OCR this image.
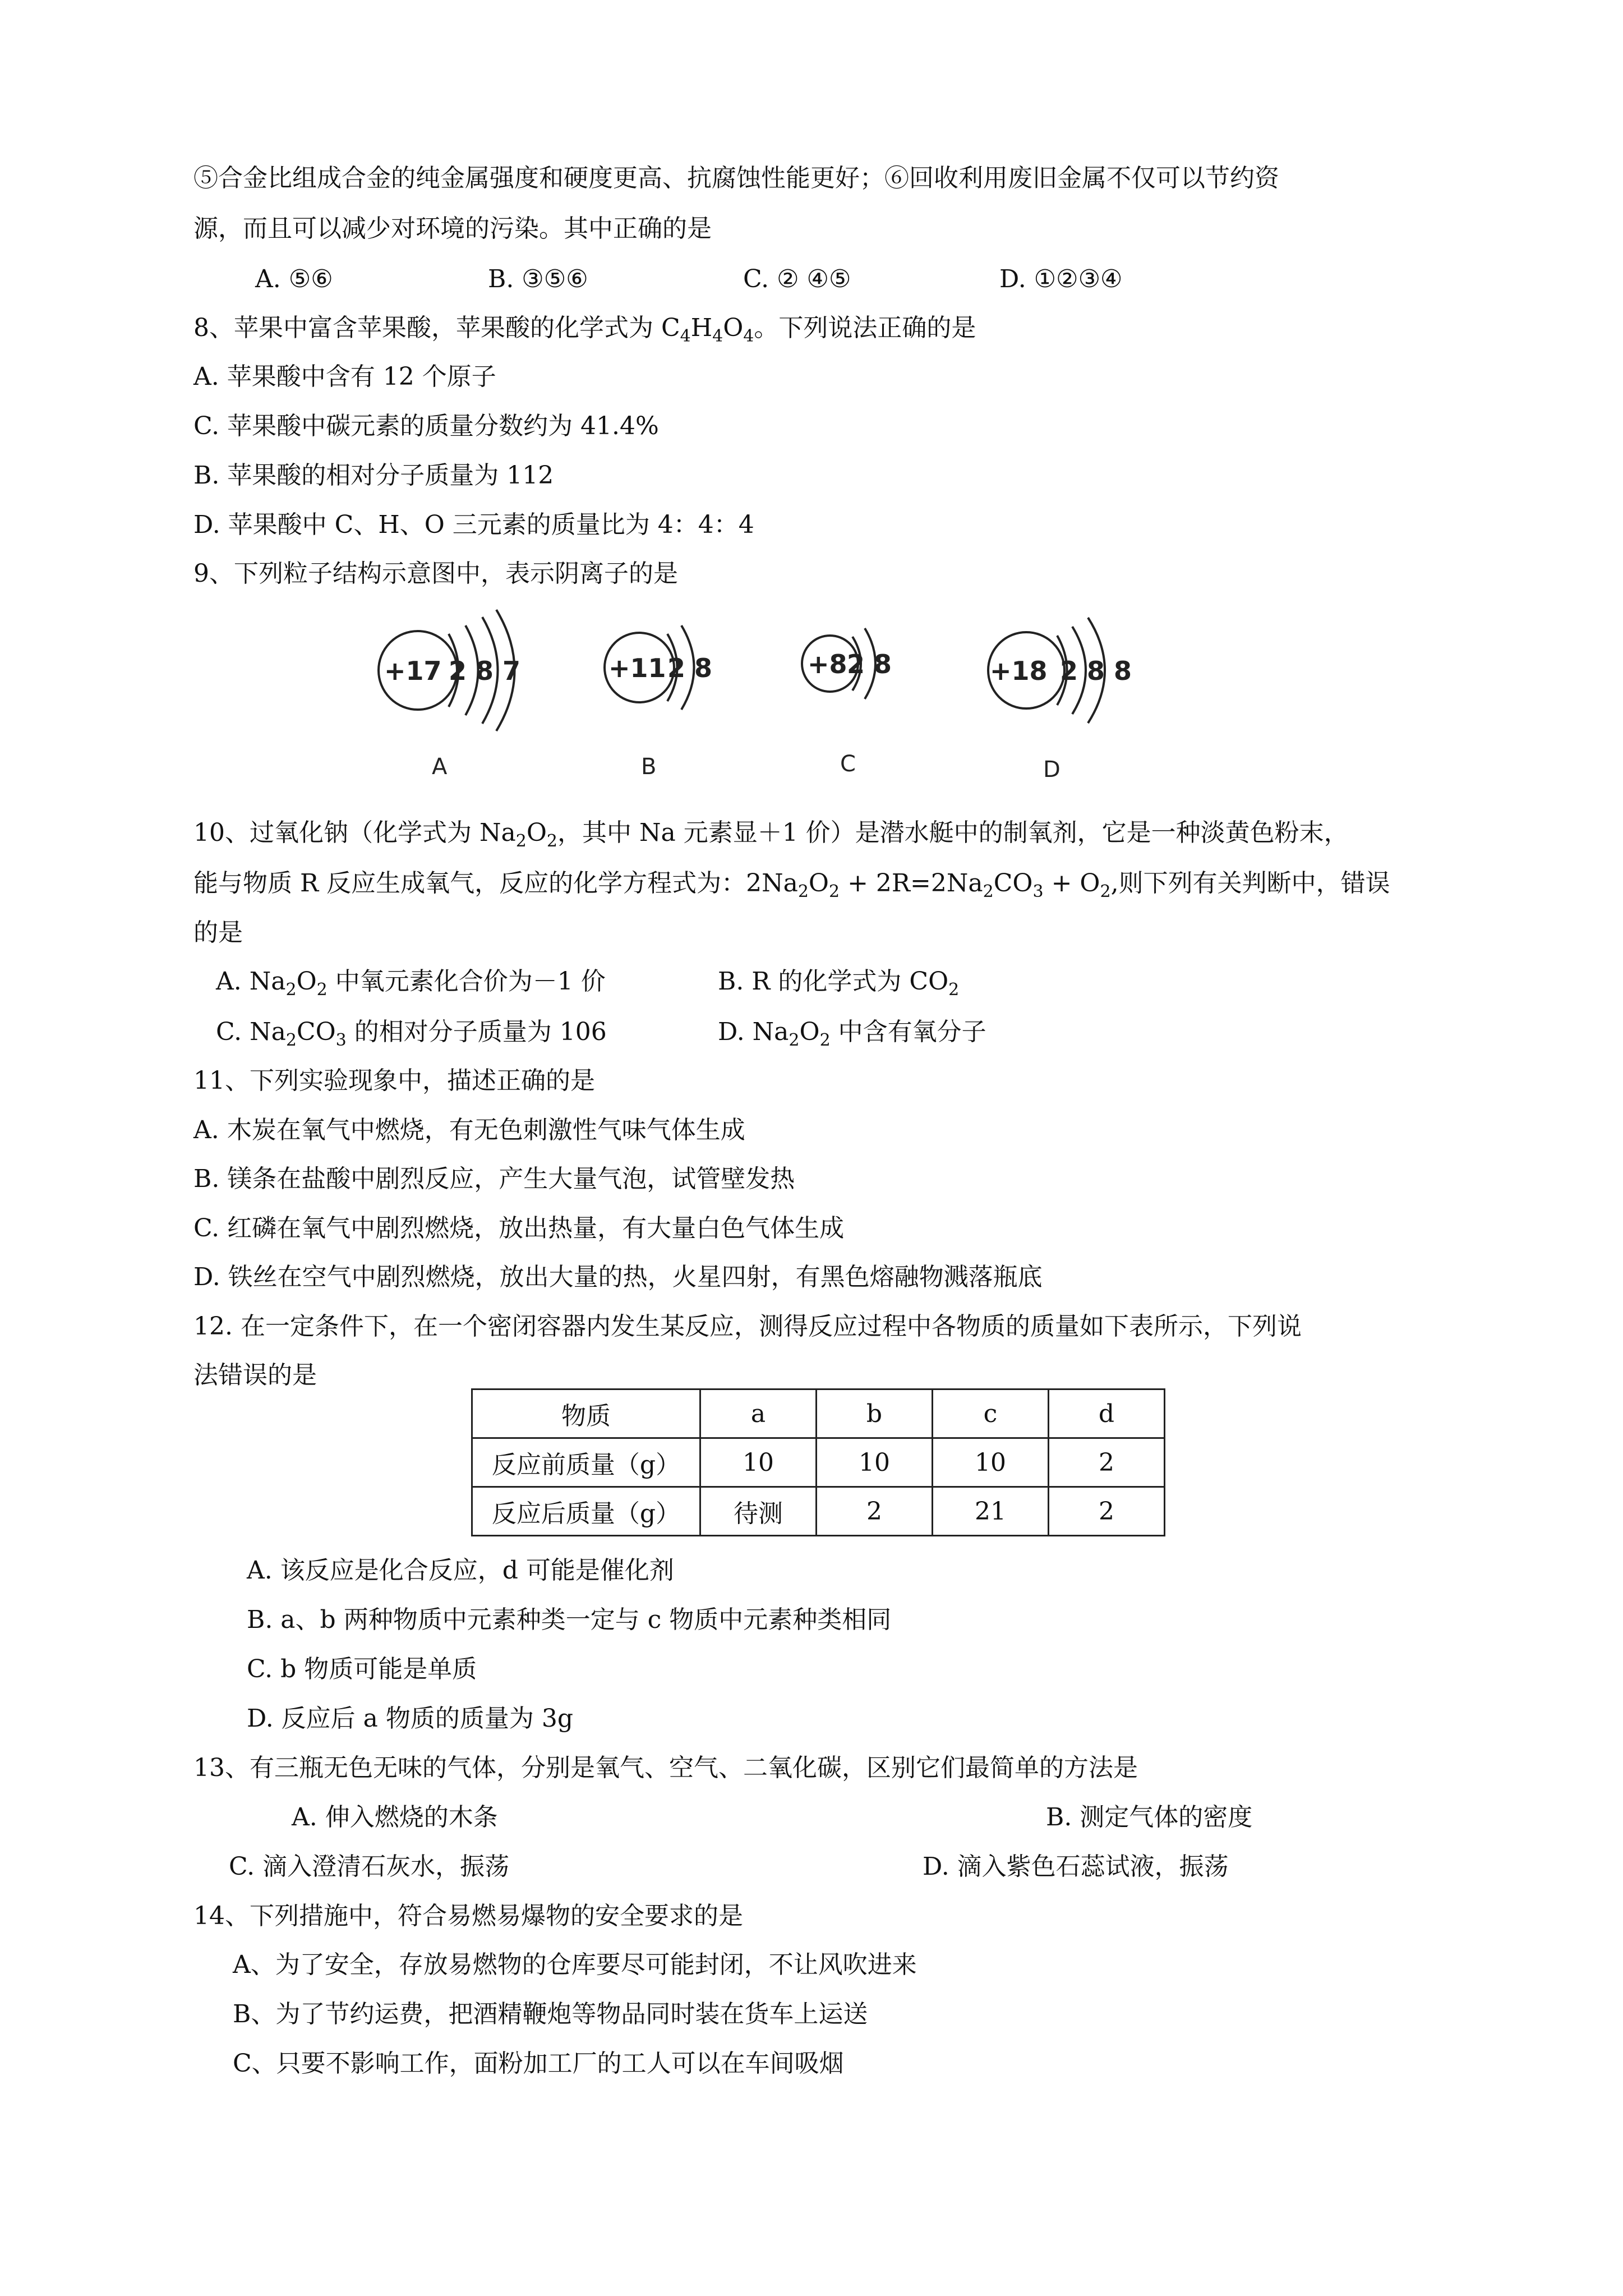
⑤合金比组成合金的纯金属强度和硬度更高、抗腐蚀性能更好；⑥回收利用废旧金属不仅可以节约资
源，而且可以减少对环境的污染。其中正确的是
A. ⑤⑥	B. ③⑤⑥	C. ② ④⑤	D. ①②③④
8、苹果中富含苹果酸，苹果酸的化学式为 $C_4H_4O_4$。下列说法正确的是
A. 苹果酸中含有 12 个原子
C. 苹果酸中碳元素的质量分数约为 41.4%
B. 苹果酸的相对分子质量为 112
D. 苹果酸中 C、H、O 三元素的质量比为 4：4：4
9、下列粒子结构示意图中，表示阴离子的是
+17 2 8 7
A
+11 2 8
B
+8 2 8
C
+18 2 8 8
D
10、过氧化钠（化学式为 $Na_2O_2$，其中 Na 元素显＋1 价）是潜水艇中的制氧剂，它是一种淡黄色粉末，
能与物质 R 反应生成氧气，反应的化学方程式为：$2Na_2O_2 + 2R=2Na_2CO_3 + O_2$,则下列有关判断中，错误
的是
A. $Na_2O_2$ 中氧元素化合价为－1 价	B. R 的化学式为 $CO_2$
C. $Na_2CO_3$ 的相对分子质量为 106	D. $Na_2O_2$ 中含有氧分子
11、下列实验现象中，描述正确的是
A. 木炭在氧气中燃烧，有无色刺激性气味气体生成
B. 镁条在盐酸中剧烈反应，产生大量气泡，试管壁发热
C. 红磷在氧气中剧烈燃烧，放出热量，有大量白色气体生成
D. 铁丝在空气中剧烈燃烧，放出大量的热，火星四射，有黑色熔融物溅落瓶底
12. 在一定条件下，在一个密闭容器内发生某反应，测得反应过程中各物质的质量如下表所示，下列说
法错误的是
物质	a	b	c	d
反应前质量（g）	10	10	10	2
反应后质量（g）	待测	2	21	2
A. 该反应是化合反应，d 可能是催化剂
B. a、b 两种物质中元素种类一定与 c 物质中元素种类相同
C. b 物质可能是单质
D. 反应后 a 物质的质量为 3g
13、有三瓶无色无味的气体，分别是氧气、空气、二氧化碳，区别它们最简单的方法是
A. 伸入燃烧的木条	B. 测定气体的密度
C. 滴入澄清石灰水，振荡	D. 滴入紫色石蕊试液，振荡
14、下列措施中，符合易燃易爆物的安全要求的是
A、为了安全，存放易燃物的仓库要尽可能封闭，不让风吹进来
B、为了节约运费，把酒精鞭炮等物品同时装在货车上运送
C、只要不影响工作，面粉加工厂的工人可以在车间吸烟
